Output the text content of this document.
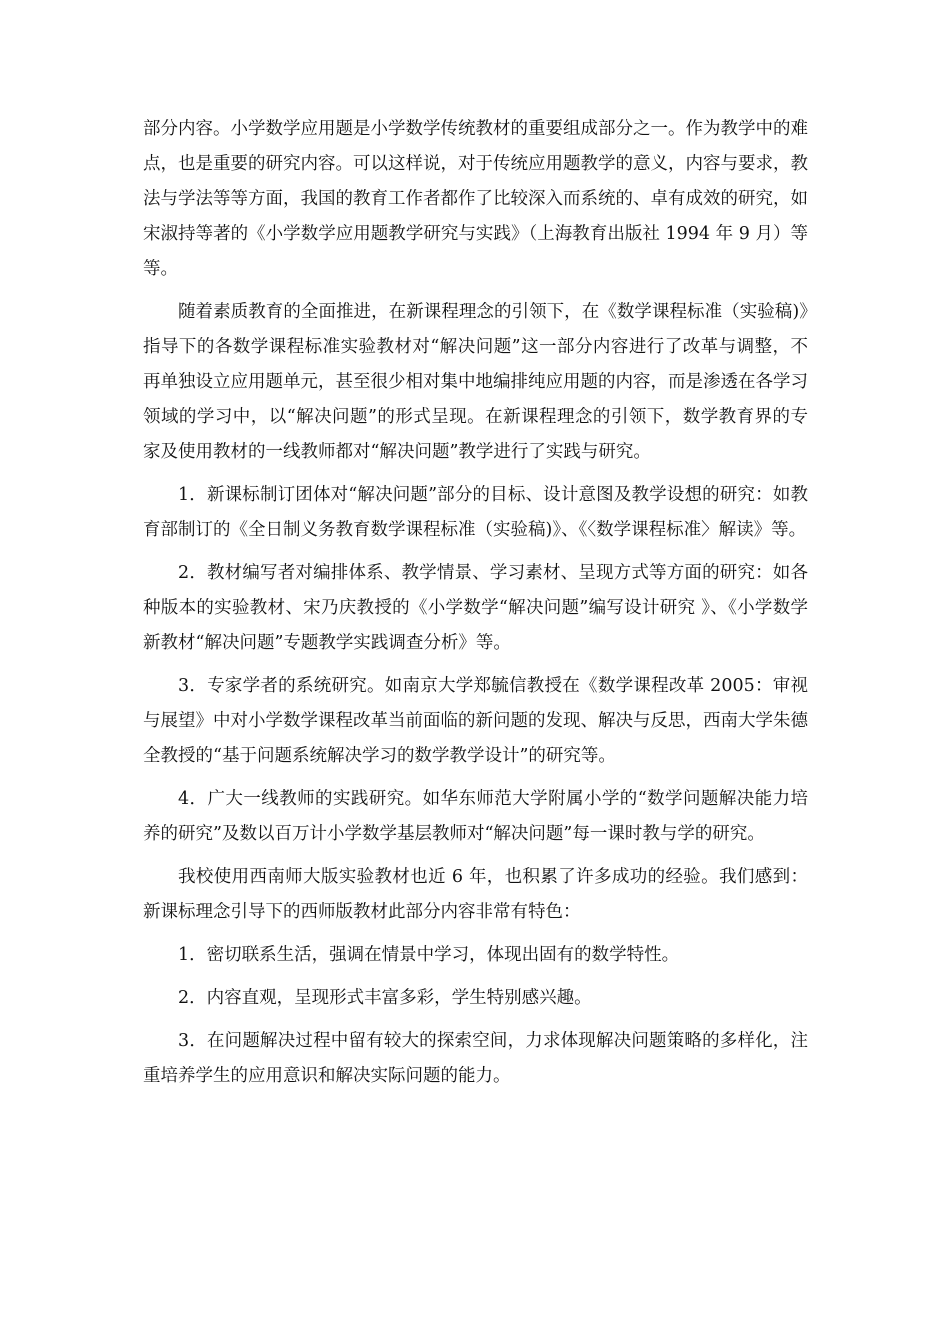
部分内容。小学数学应用题是小学数学传统教材的重要组成部分之一。作为教学中的难点，也是重要的研究内容。可以这样说，对于传统应用题教学的意义，内容与要求，教法与学法等等方面，我国的教育工作者都作了比较深入而系统的、卓有成效的研究，如宋淑持等著的《小学数学应用题教学研究与实践》（上海教育出版社 1994 年 9 月）等等。

随着素质教育的全面推进，在新课程理念的引领下，在《数学课程标准（实验稿)》指导下的各数学课程标准实验教材对“解决问题”这一部分内容进行了改革与调整，不再单独设立应用题单元，甚至很少相对集中地编排纯应用题的内容，而是渗透在各学习领域的学习中，以“解决问题”的形式呈现。在新课程理念的引领下，数学教育界的专家及使用教材的一线教师都对“解决问题”教学进行了实践与研究。

1．新课标制订团体对“解决问题”部分的目标、设计意图及教学设想的研究：如教育部制订的《全日制义务教育数学课程标准（实验稿)》、《〈数学课程标准〉解读》等。

2．教材编写者对编排体系、教学情景、学习素材、呈现方式等方面的研究：如各种版本的实验教材、宋乃庆教授的《小学数学“解决问题”编写设计研究 》、《小学数学新教材“解决问题”专题教学实践调查分析》等。

3．专家学者的系统研究。如南京大学郑毓信教授在《数学课程改革 2005：审视与展望》中对小学数学课程改革当前面临的新问题的发现、解决与反思，西南大学朱德全教授的“基于问题系统解决学习的数学教学设计”的研究等。

4．广大一线教师的实践研究。如华东师范大学附属小学的“数学问题解决能力培养的研究”及数以百万计小学数学基层教师对“解决问题”每一课时教与学的研究。

我校使用西南师大版实验教材也近 6 年，也积累了许多成功的经验。我们感到：新课标理念引导下的西师版教材此部分内容非常有特色：

1．密切联系生活，强调在情景中学习，体现出固有的数学特性。

2．内容直观，呈现形式丰富多彩，学生特别感兴趣。

3．在问题解决过程中留有较大的探索空间，力求体现解决问题策略的多样化，注重培养学生的应用意识和解决实际问题的能力。
